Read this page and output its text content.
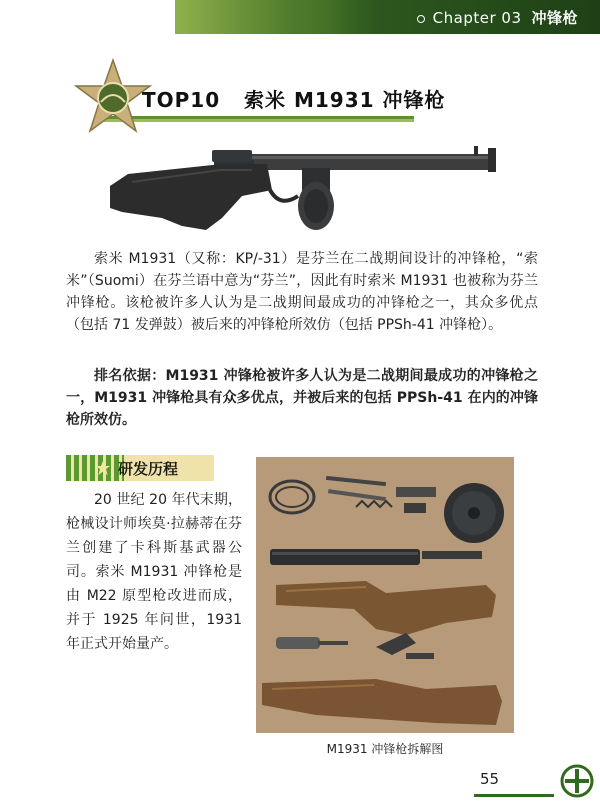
Chapter 03 冲锋枪
TOP10 索米 M1931 冲锋枪
索米 M1931（又称：KP/-31）是芬兰在二战期间设计的冲锋枪，“索米”（Suomi）在芬兰语中意为“芬兰”，因此有时索米 M1931 也被称为芬兰冲锋枪。该枪被许多人认为是二战期间最成功的冲锋枪之一，其众多优点（包括 71 发弹鼓）被后来的冲锋枪所效仿（包括 PPSh-41 冲锋枪）。
排名依据：M1931 冲锋枪被许多人认为是二战期间最成功的冲锋枪之一，M1931 冲锋枪具有众多优点，并被后来的包括 PPSh-41 在内的冲锋枪所效仿。
研发历程
20 世纪 20 年代末期，枪械设计师埃莫·拉赫蒂在芬兰创建了卡科斯基武器公司。索米 M1931 冲锋枪是由 M22 原型枪改进而成，并于 1925 年问世，1931 年正式开始量产。
M1931 冲锋枪拆解图
55
